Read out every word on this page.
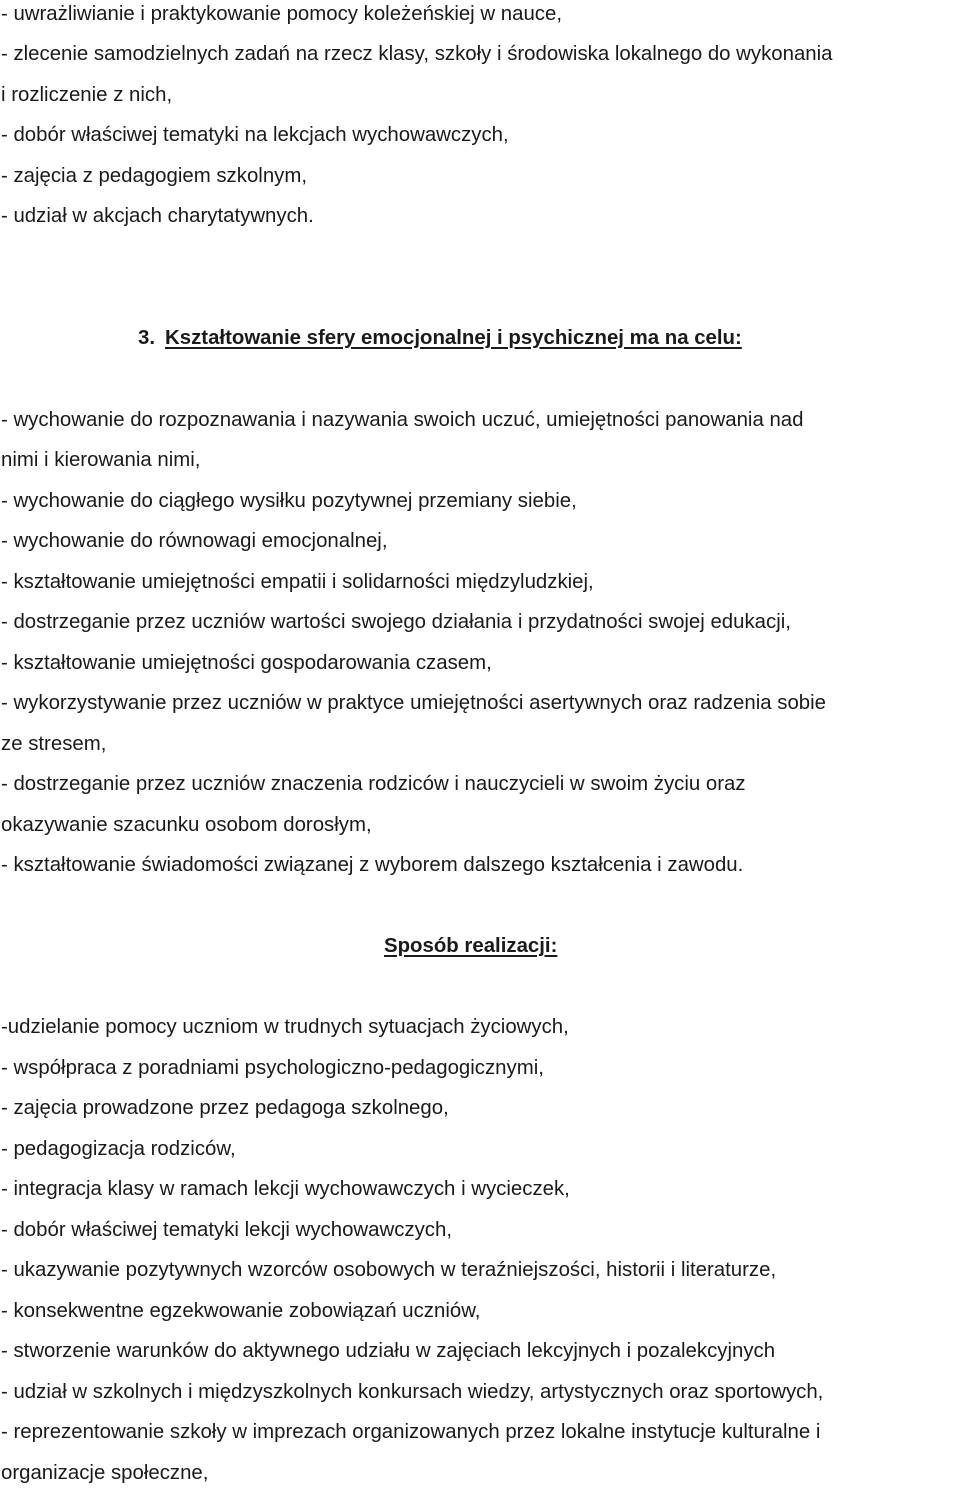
- uwrażliwianie i praktykowanie pomocy koleżeńskiej w nauce,

- zlecenie samodzielnych zadań na rzecz klasy, szkoły i środowiska lokalnego do wykonania

i rozliczenie z nich,

- dobór właściwej tematyki na lekcjach wychowawczych,

- zajęcia z pedagogiem szkolnym,

- udział w akcjach charytatywnych.

3. Kształtowanie sfery emocjonalnej i psychicznej ma na celu:

- wychowanie do rozpoznawania i nazywania swoich uczuć, umiejętności panowania nad

nimi i kierowania nimi,

- wychowanie do ciągłego wysiłku pozytywnej przemiany siebie,

- wychowanie do równowagi emocjonalnej,

- kształtowanie umiejętności empatii i solidarności międzyludzkiej,

- dostrzeganie przez uczniów wartości swojego działania i przydatności swojej edukacji,

- kształtowanie umiejętności gospodarowania czasem,

- wykorzystywanie przez uczniów w praktyce umiejętności asertywnych oraz radzenia sobie

ze stresem,

- dostrzeganie przez uczniów znaczenia rodziców i nauczycieli w swoim życiu oraz

okazywanie szacunku osobom dorosłym,

- kształtowanie świadomości związanej z wyborem dalszego kształcenia i zawodu.

Sposób realizacji:

-udzielanie pomocy uczniom w trudnych sytuacjach życiowych,

- współpraca z poradniami psychologiczno-pedagogicznymi,

- zajęcia prowadzone przez pedagoga szkolnego,

- pedagogizacja rodziców,

- integracja klasy w ramach lekcji wychowawczych i wycieczek,

- dobór właściwej tematyki lekcji wychowawczych,

- ukazywanie pozytywnych wzorców osobowych w teraźniejszości, historii i literaturze,

- konsekwentne egzekwowanie zobowiązań uczniów,

- stworzenie warunków do aktywnego udziału w zajęciach lekcyjnych i pozalekcyjnych

- udział w szkolnych i międzyszkolnych konkursach wiedzy, artystycznych oraz sportowych,

- reprezentowanie szkoły w imprezach organizowanych przez lokalne instytucje kulturalne i

organizacje społeczne,
